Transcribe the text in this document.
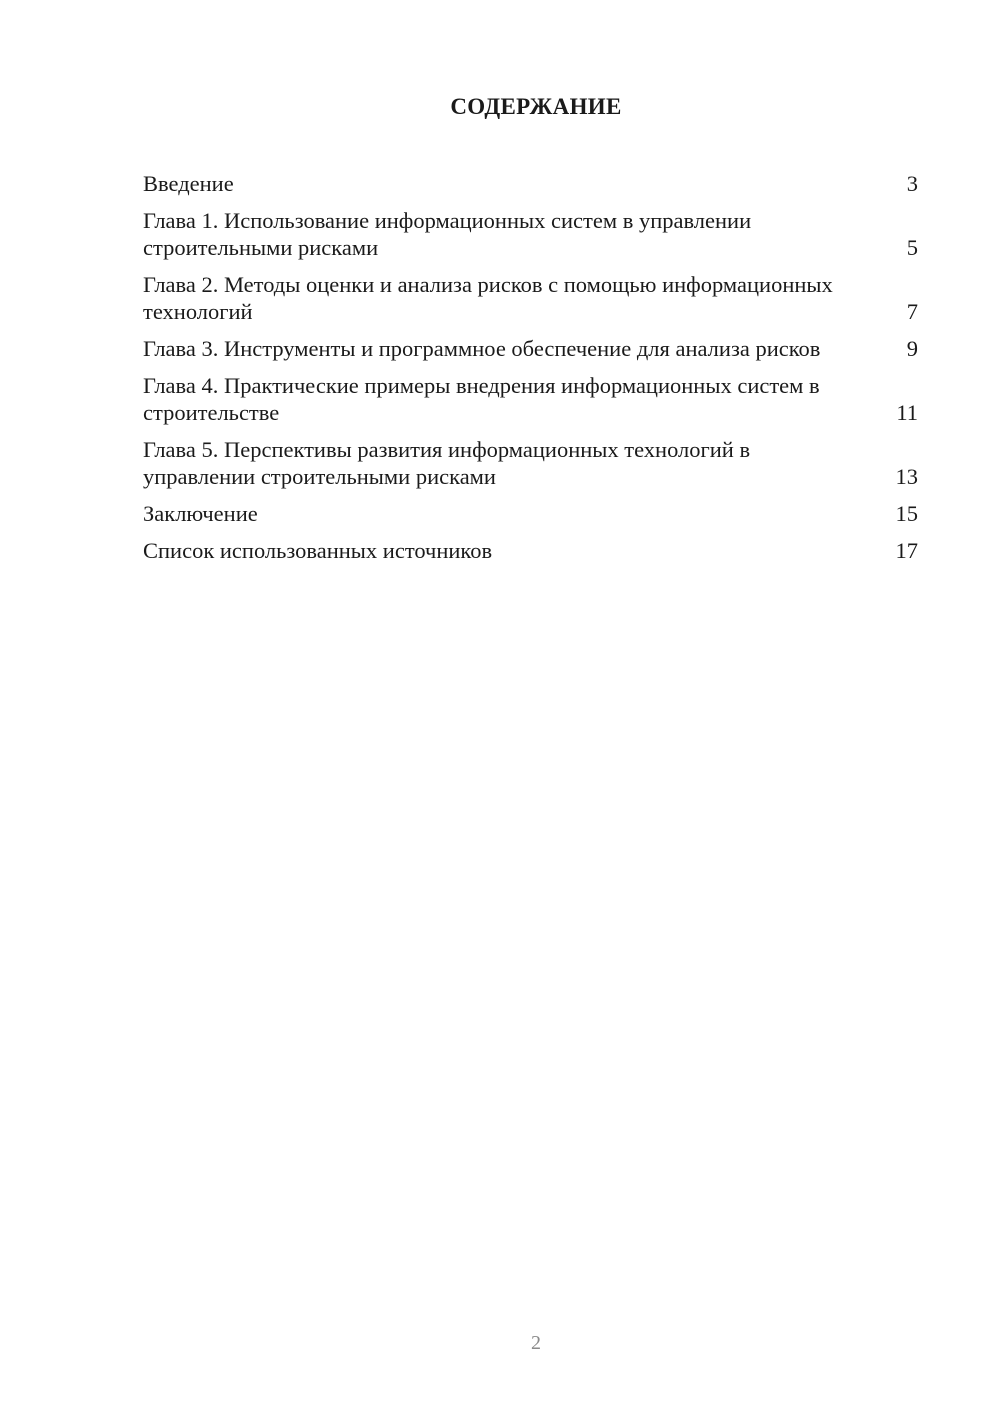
СОДЕРЖАНИЕ
Введение	3
Глава 1. Использование информационных систем в управлении строительными рисками	5
Глава 2. Методы оценки и анализа рисков с помощью информационных технологий	7
Глава 3. Инструменты и программное обеспечение для анализа рисков	9
Глава 4. Практические примеры внедрения информационных систем в строительстве	11
Глава 5. Перспективы развития информационных технологий в управлении строительными рисками	13
Заключение	15
Список использованных источников	17
2
